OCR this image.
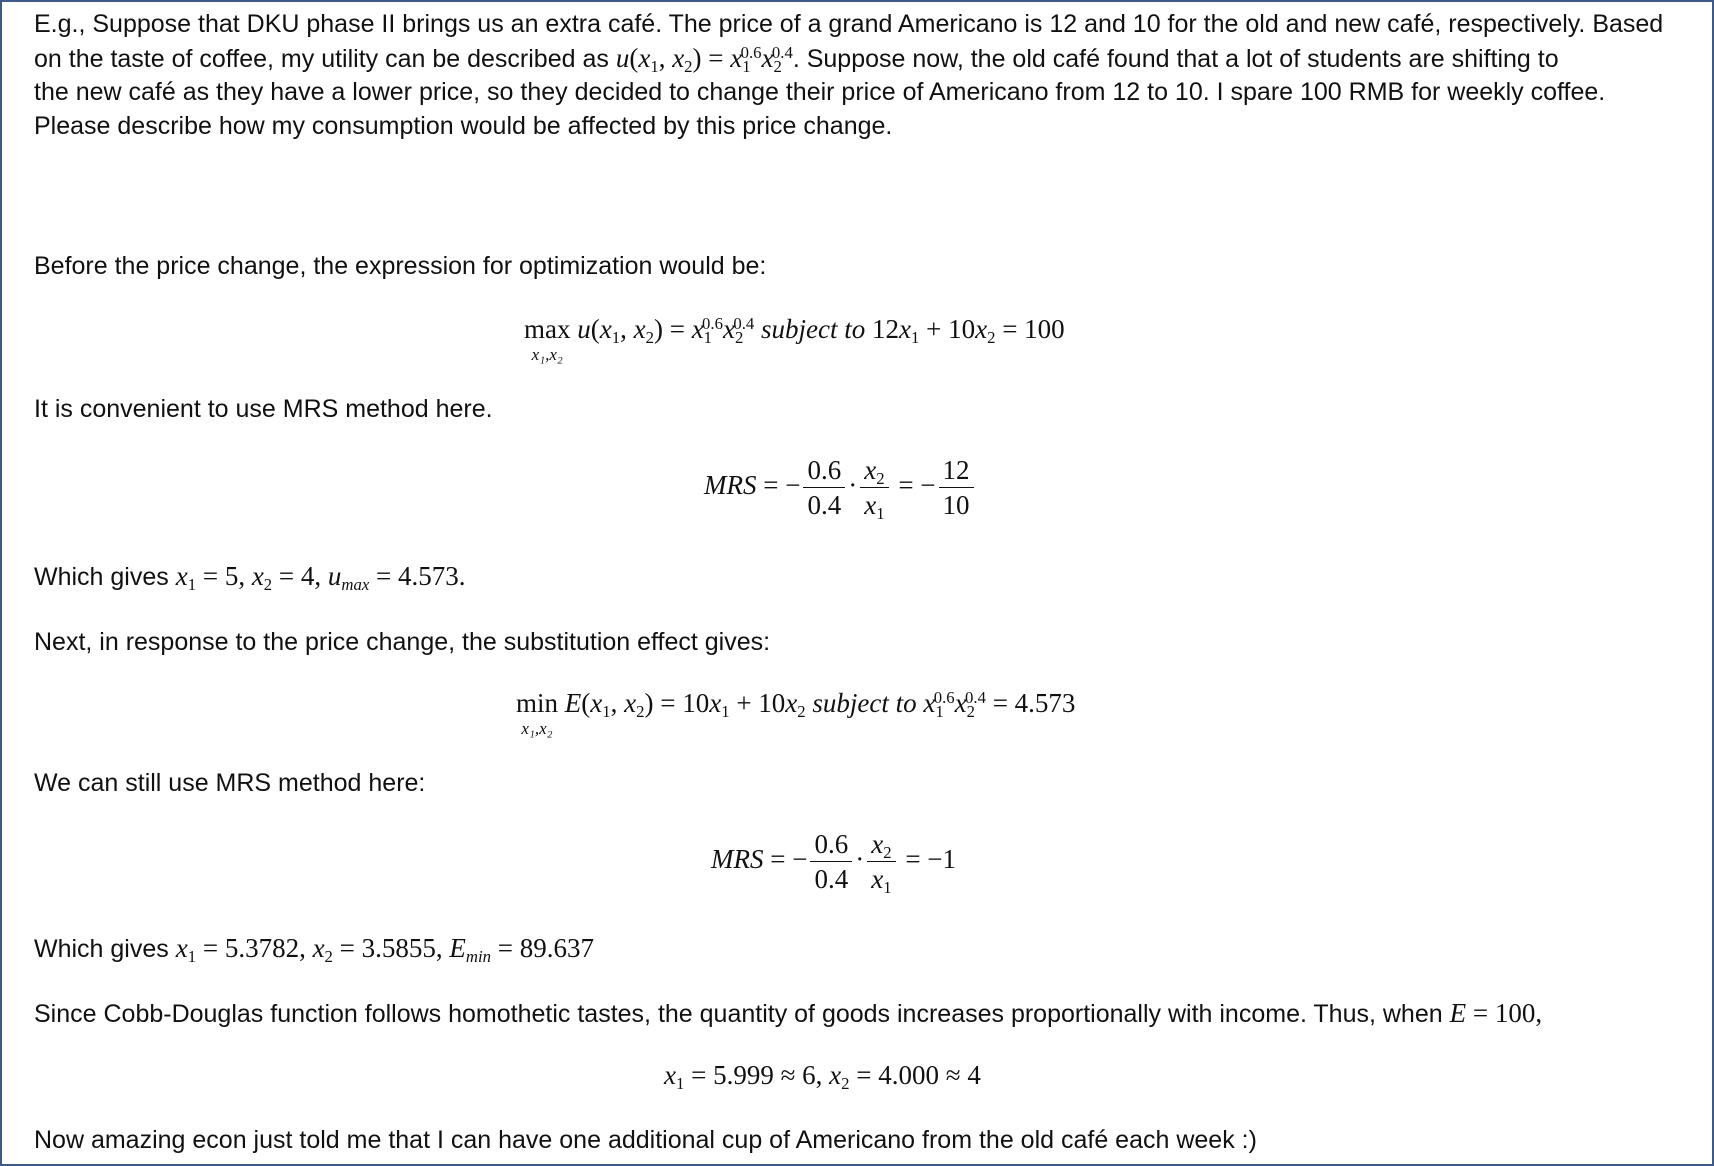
E.g., Suppose that DKU phase II brings us an extra café. The price of a grand Americano is 12 and 10 for the old and new café, respectively. Based
on the taste of coffee, my utility can be described as $u(x_1$, $x_2) = x_1^{0.6}x_2^{0.4}$. Suppose now, the old café found that a lot of students are shifting to
the new café as they have a lower price, so they decided to change their price of Americano from 12 to 10. I spare 100 RMB for weekly coffee.
Please describe how my consumption would be affected by this price change.
Before the price change, the expression for optimization would be:
max
x₁,x₂
$u(x_1$, $x_2) = x_1^{0.6}x_2^{0.4}$ subject to $12x_1 + 10x_2 = 100$
It is convenient to use MRS method here.
MRS = − $\frac{0.6}{0.4} \cdot \frac{x_2}{x_1}$ = − $\frac{12}{10}$
Which gives $x_1 = 5$, $x_2 = 4$, $u_{max} = 4.573$.
Next, in response to the price change, the substitution effect gives:
min
x₁,x₂
$E(x_1$, $x_2) = 10x_1 + 10x_2$ subject to $x_1^{0.6}x_2^{0.4} = 4.573$
We can still use MRS method here:
MRS = − $\frac{0.6}{0.4} \cdot \frac{x_2}{x_1} = -1$
Which gives $x_1 = 5.3782$, $x_2 = 3.5855$, $E_{min} = 89.637$
Since Cobb-Douglas function follows homothetic tastes, the quantity of goods increases proportionally with income. Thus, when E = 100,
$x_1 = 5.999 \approx 6$, $x_2 = 4.000 \approx 4$
Now amazing econ just told me that I can have one additional cup of Americano from the old café each week :)
